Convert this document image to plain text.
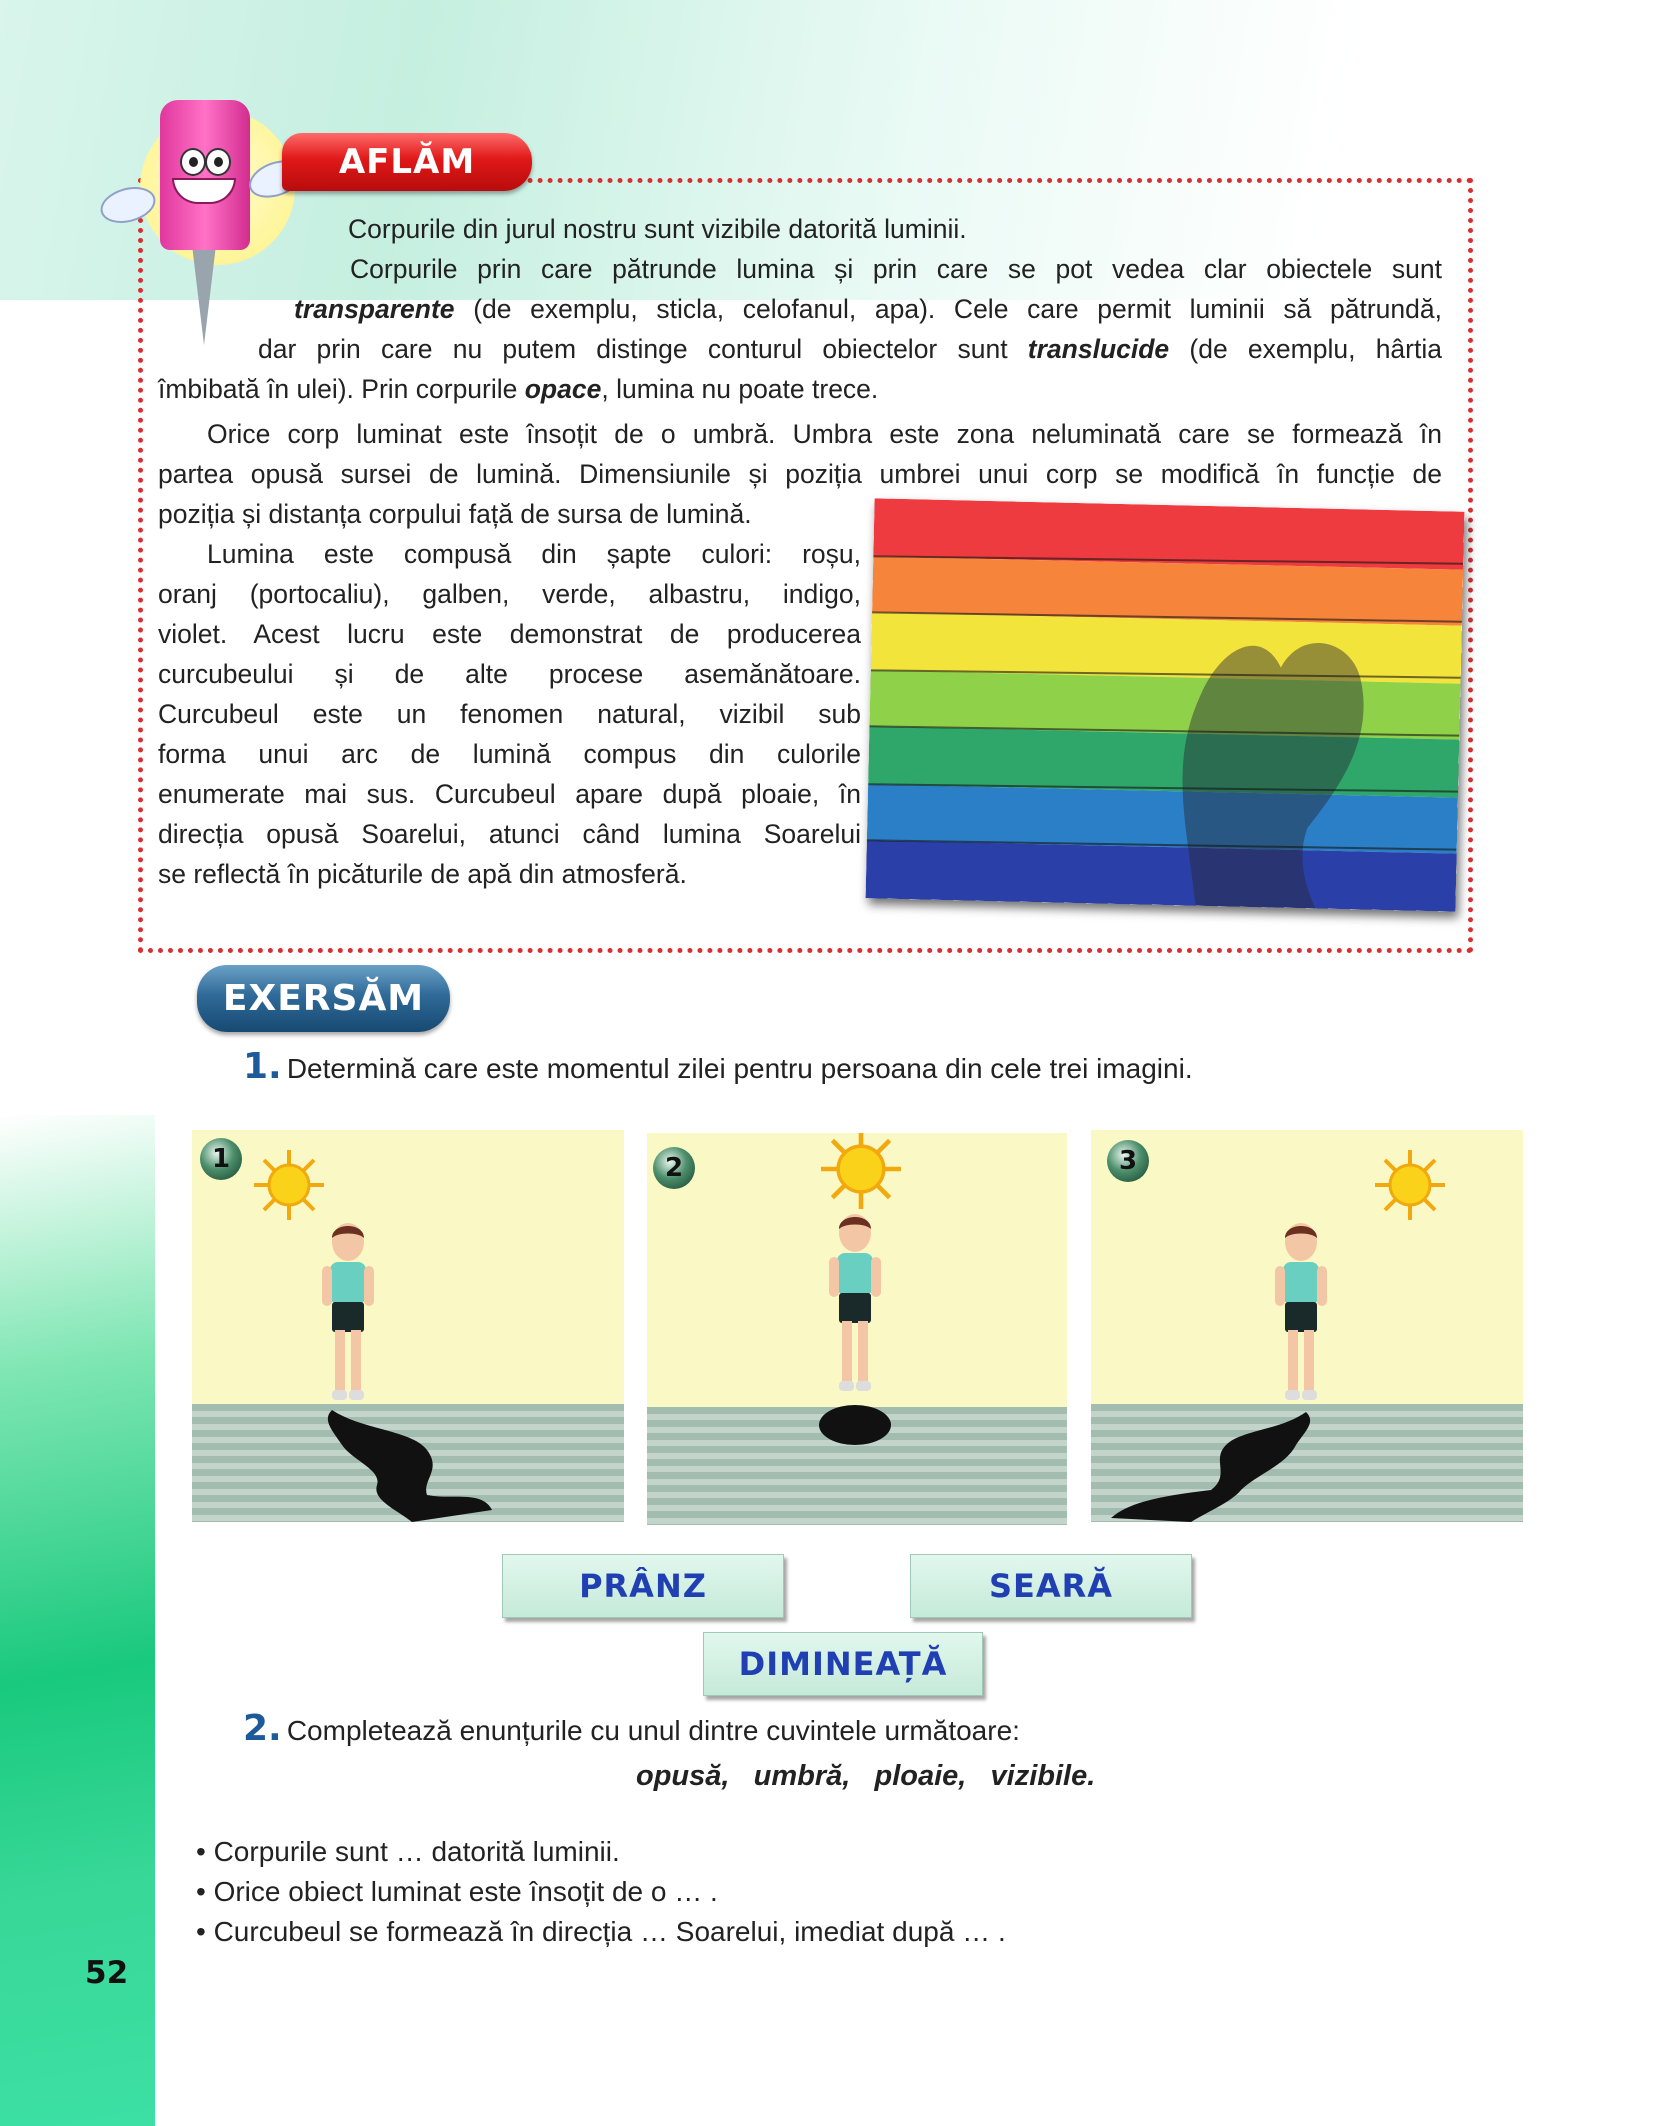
52
AFLĂM
Corpurile din jurul nostru sunt vizibile datorită luminii.
Corpurile prin care pătrunde lumina și prin care se pot vedea clar obiectele sunt
transparente (de exemplu, sticla, celofanul, apa). Cele care permit luminii să pătrundă,
dar prin care nu putem distinge conturul obiectelor sunt translucide (de exemplu, hârtia
îmbibată în ulei). Prin corpurile opace, lumina nu poate trece.
Orice corp luminat este însoțit de o umbră. Umbra este zona neluminată care se formează în
partea opusă sursei de lumină. Dimensiunile și poziția umbrei unui corp se modifică în funcție de
poziția și distanța corpului față de sursa de lumină.
Lumina este compusă din șapte culori: roșu,
oranj (portocaliu), galben, verde, albastru, indigo,
violet. Acest lucru este demonstrat de producerea
curcubeului și de alte procese asemănătoare.
Curcubeul este un fenomen natural, vizibil sub
forma unui arc de lumină compus din culorile
enumerate mai sus. Curcubeul apare după ploaie, în
direcția opusă Soarelui, atunci când lumina Soarelui
se reflectă în picăturile de apă din atmosferă.
EXERSĂM
1. Determină care este momentul zilei pentru persoana din cele trei imagini.
1	2	3
PRÂNZ	SEARĂ
DIMINEAȚĂ
2. Completează enunțurile cu unul dintre cuvintele următoare:
opusă,   umbră,   ploaie,   vizibile.
• Corpurile sunt … datorită luminii.
• Orice obiect luminat este însoțit de o … .
• Curcubeul se formează în direcția … Soarelui, imediat după … .
